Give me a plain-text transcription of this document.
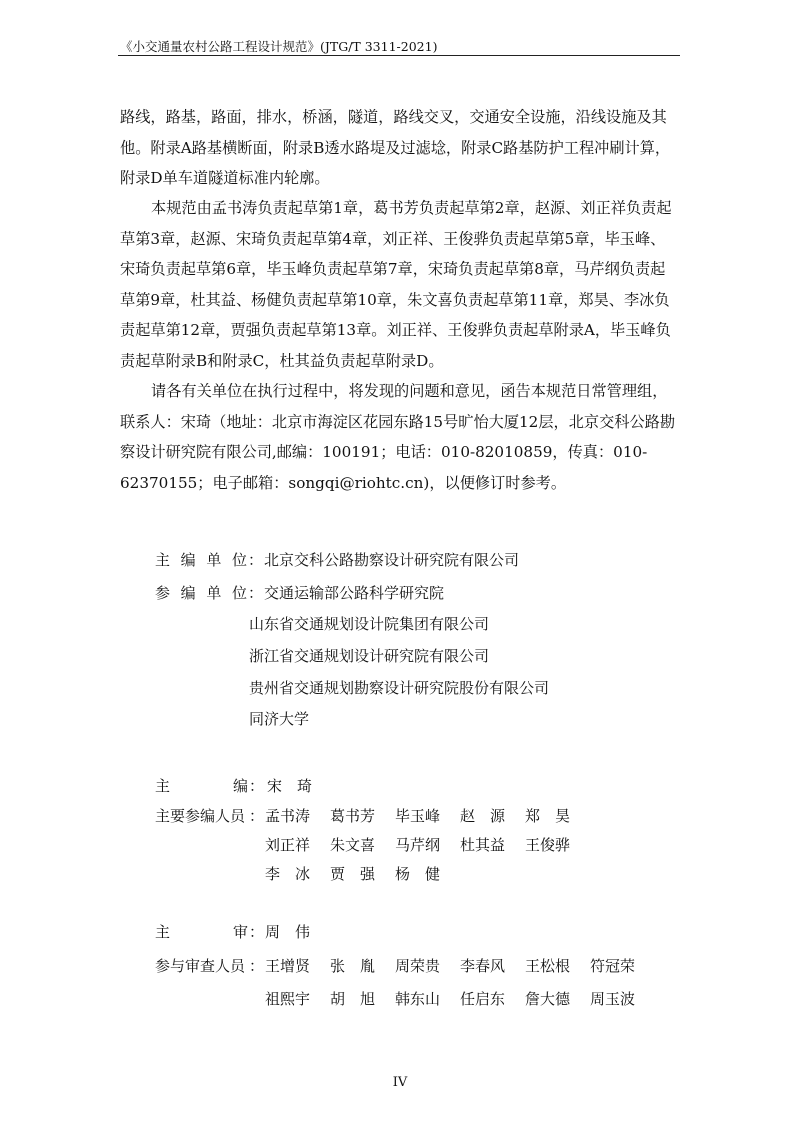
《小交通量农村公路工程设计规范》(JTG/T 3311-2021)

路线，路基，路面，排水，桥涵，隧道，路线交叉，交通安全设施，沿线设施及其他。附录A路基横断面，附录B透水路堤及过滤埝，附录C路基防护工程冲刷计算，附录D单车道隧道标准内轮廓。

本规范由孟书涛负责起草第1章，葛书芳负责起草第2章，赵源、刘正祥负责起草第3章，赵源、宋琦负责起草第4章，刘正祥、王俊骅负责起草第5章，毕玉峰、宋琦负责起草第6章，毕玉峰负责起草第7章，宋琦负责起草第8章，马芹纲负责起草第9章，杜其益、杨健负责起草第10章，朱文喜负责起草第11章，郑昊、李冰负责起草第12章，贾强负责起草第13章。刘正祥、王俊骅负责起草附录A，毕玉峰负责起草附录B和附录C，杜其益负责起草附录D。

请各有关单位在执行过程中，将发现的问题和意见，函告本规范日常管理组，联系人：宋琦（地址：北京市海淀区花园东路15号旷怡大厦12层，北京交科公路勘察设计研究院有限公司,邮编：100191；电话：010-82010859，传真：010-62370155；电子邮箱：songqi@riohtc.cn)，以便修订时参考。

主 编 单 位 ： 北京交科公路勘察设计研究院有限公司
参 编 单 位 ： 交通运输部公路科学研究院
山东省交通规划设计院集团有限公司
浙江省交通规划设计研究院有限公司
贵州省交通规划勘察设计研究院股份有限公司
同济大学
主	编 ： 宋 琦
主要参编人员 ： 孟 书 涛 葛 书 芳 毕 玉 峰 赵 源 郑 昊
刘 正 祥 朱 文 喜 马 芹 纲 杜 其 益 王 俊 骅
李 冰 贾 强 杨 健
主	审 ： 周 伟
参与审查人员 ： 王 增 贤 张 胤 周 荣 贵 李 春 风 王 松 根 符 冠 荣
祖 熙 宇 胡 旭 韩 东 山 任 启 东 詹 大 德 周 玉 波
IV
